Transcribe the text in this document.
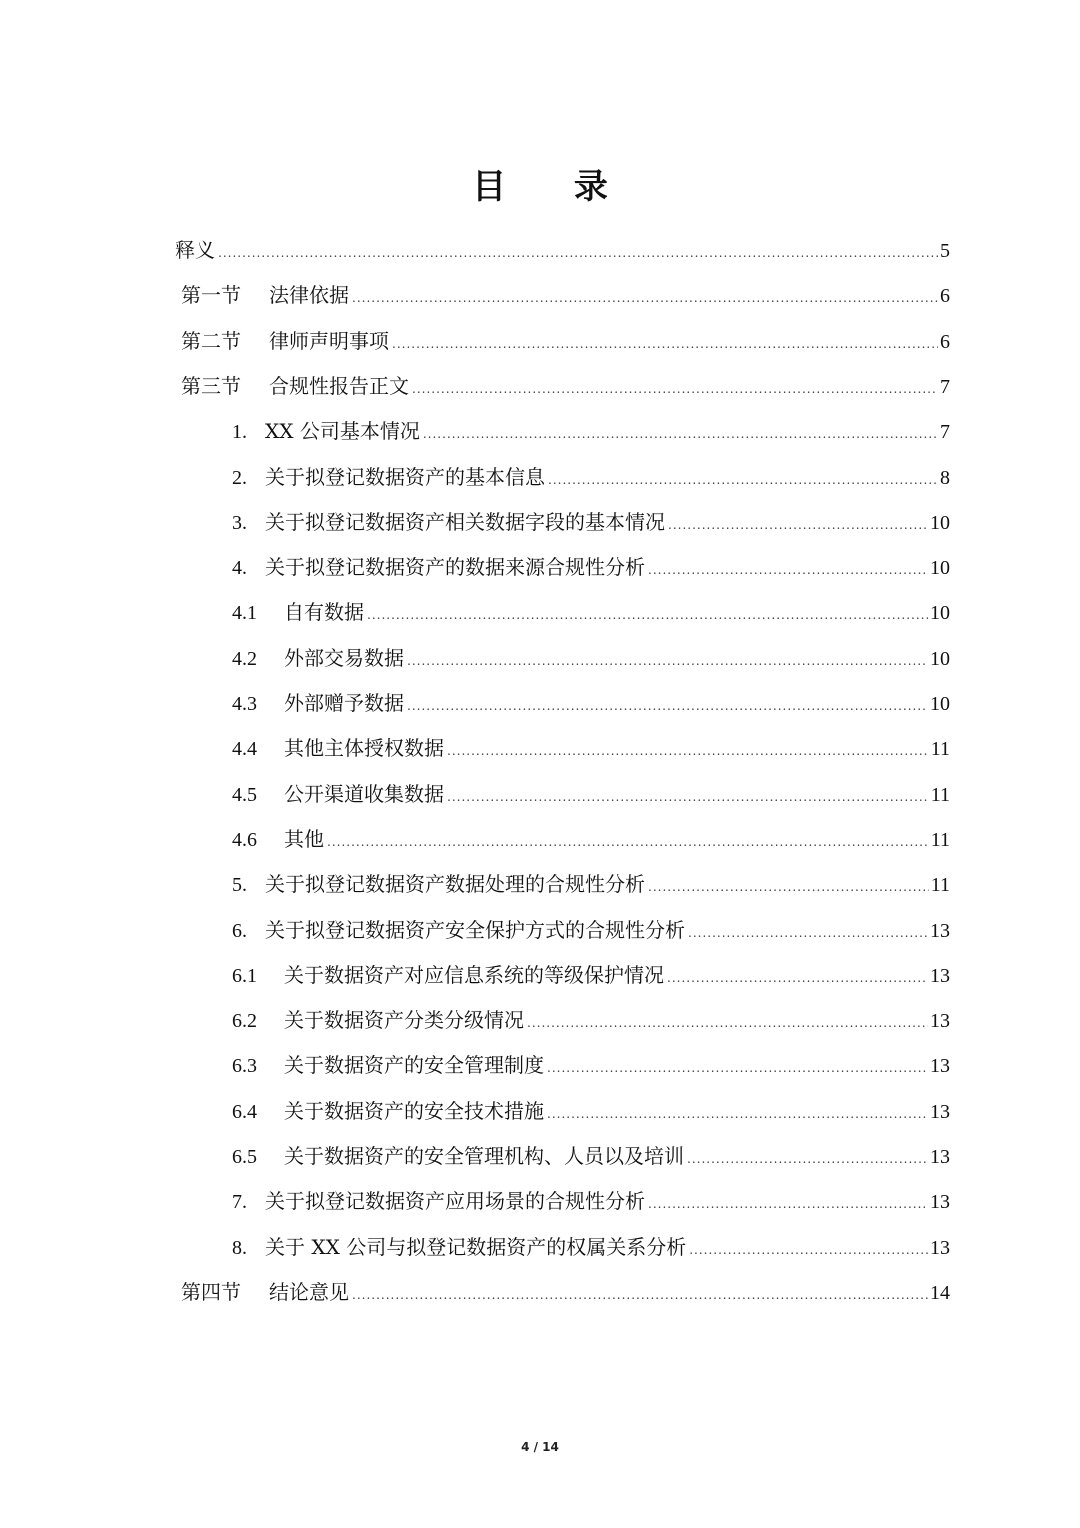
目 录
释义 .....	5
第一节	法律依据 .....	6
第二节	律师声明事项 .....	6
第三节	合规性报告正文 .....	7
1. XX 公司基本情况 .....	7
2. 关于拟登记数据资产的基本信息 .....	8
3. 关于拟登记数据资产相关数据字段的基本情况 .....	10
4. 关于拟登记数据资产的数据来源合规性分析 .....	10
4.1	自有数据 .....	10
4.2	外部交易数据 .....	10
4.3	外部赠予数据 .....	10
4.4	其他主体授权数据 .....	11
4.5	公开渠道收集数据 .....	11
4.6	其他 .....	11
5. 关于拟登记数据资产数据处理的合规性分析 .....	11
6. 关于拟登记数据资产安全保护方式的合规性分析 .....	13
6.1	关于数据资产对应信息系统的等级保护情况 .....	13
6.2	关于数据资产分类分级情况 .....	13
6.3	关于数据资产的安全管理制度 .....	13
6.4	关于数据资产的安全技术措施 .....	13
6.5	关于数据资产的安全管理机构、人员以及培训 .....	13
7. 关于拟登记数据资产应用场景的合规性分析 .....	13
8. 关于 XX 公司与拟登记数据资产的权属关系分析 .....	13
第四节	结论意见 .....	14
4 / 14
